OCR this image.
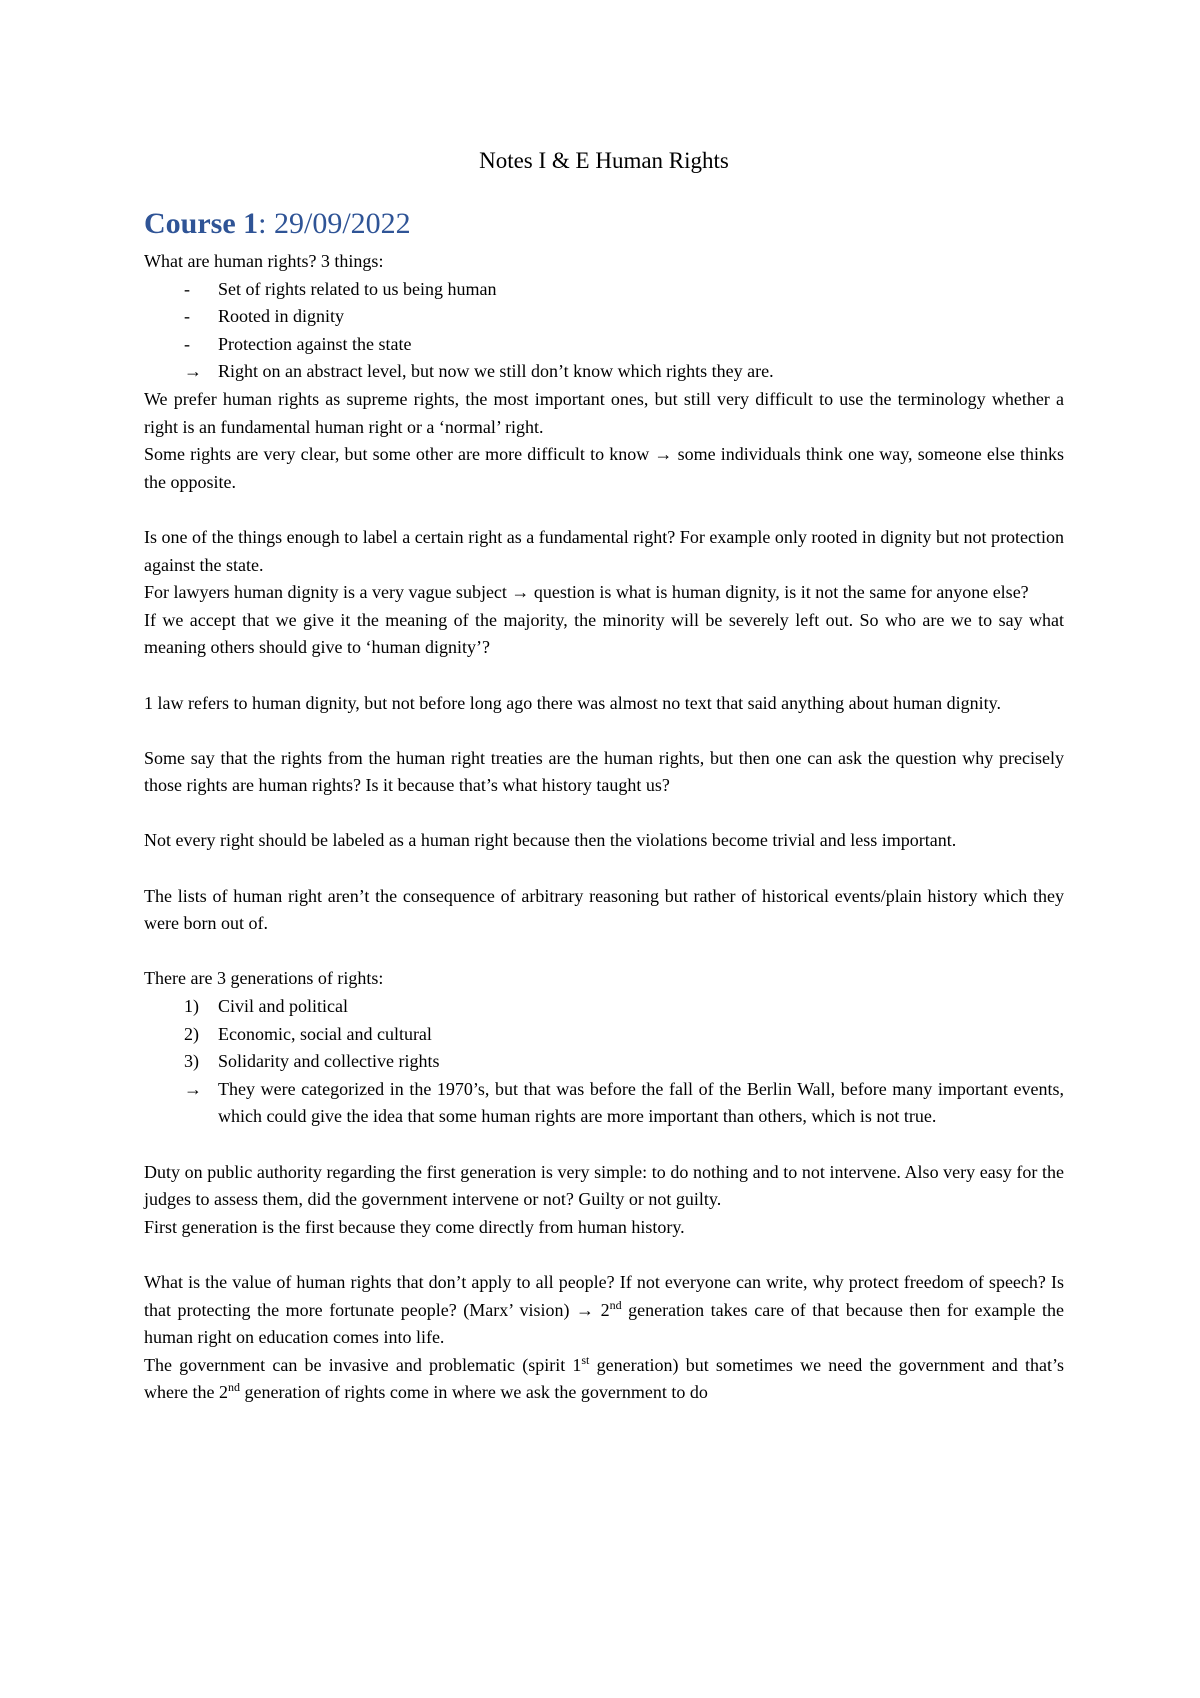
Notes I & E Human Rights
Course 1: 29/09/2022

What are human rights? 3 things:

-	Set of rights related to us being human
-	Rooted in dignity
-	Protection against the state
→ Right on an abstract level, but now we still don’t know which rights they are.

We prefer human rights as supreme rights, the most important ones, but still very difficult to use the terminology whether a right is an fundamental human right or a ‘normal’ right.

Some rights are very clear, but some other are more difficult to know → some individuals think one way, someone else thinks the opposite.

Is one of the things enough to label a certain right as a fundamental right? For example only rooted in dignity but not protection against the state.

For lawyers human dignity is a very vague subject → question is what is human dignity, is it not the same for anyone else?

If we accept that we give it the meaning of the majority, the minority will be severely left out. So who are we to say what meaning others should give to ‘human dignity’?

1 law refers to human dignity, but not before long ago there was almost no text that said anything about human dignity.

Some say that the rights from the human right treaties are the human rights, but then one can ask the question why precisely those rights are human rights? Is it because that’s what history taught us?

Not every right should be labeled as a human right because then the violations become trivial and less important.

The lists of human right aren’t the consequence of arbitrary reasoning but rather of historical events/plain history which they were born out of.

There are 3 generations of rights:

1)	Civil and political
2)	Economic, social and cultural
3)	Solidarity and collective rights
→ They were categorized in the 1970’s, but that was before the fall of the Berlin Wall, before many important events, which could give the idea that some human rights are more important than others, which is not true.

Duty on public authority regarding the first generation is very simple: to do nothing and to not intervene. Also very easy for the judges to assess them, did the government intervene or not? Guilty or not guilty.

First generation is the first because they come directly from human history.

What is the value of human rights that don’t apply to all people? If not everyone can write, why protect freedom of speech? Is that protecting the more fortunate people? (Marx’ vision) → 2nd generation takes care of that because then for example the human right on education comes into life.

The government can be invasive and problematic (spirit 1st generation) but sometimes we need the government and that’s where the 2nd generation of rights come in where we ask the government to do
